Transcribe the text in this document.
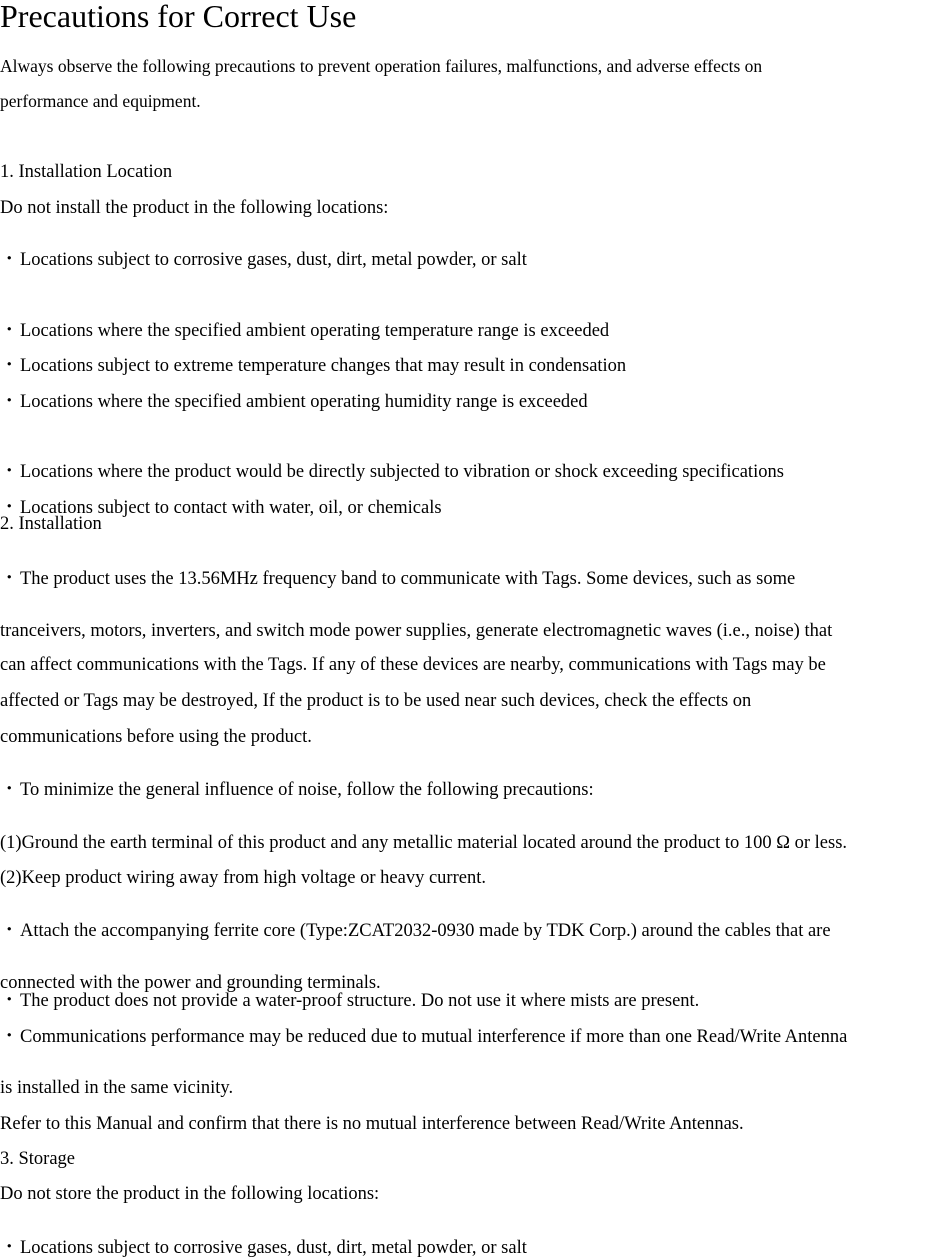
Precautions for Correct Use
Always observe the following precautions to prevent operation failures, malfunctions, and adverse effects on
performance and equipment.
1. Installation Location
Do not install the product in the following locations:
・ Locations subject to corrosive gases, dust, dirt, metal powder, or salt
・ Locations where the specified ambient operating temperature range is exceeded
・ Locations subject to extreme temperature changes that may result in condensation
・ Locations where the specified ambient operating humidity range is exceeded
・ Locations where the product would be directly subjected to vibration or shock exceeding specifications
・ Locations subject to contact with water, oil, or chemicals
2. Installation
・ The product uses the 13.56MHz frequency band to communicate with Tags. Some devices, such as some
tranceivers, motors, inverters, and switch mode power supplies, generate electromagnetic waves (i.e., noise) that
can affect communications with the Tags. If any of these devices are nearby, communications with Tags may be
affected or Tags may be destroyed, If the product is to be used near such devices, check the effects on
communications before using the product.
・ To minimize the general influence of noise, follow the following precautions:
(1)Ground the earth terminal of this product and any metallic material located around the product to 100 Ω or less.
(2)Keep product wiring away from high voltage or heavy current.
・ Attach the accompanying ferrite core (Type:ZCAT2032-0930 made by TDK Corp.) around the cables that are
connected with the power and grounding terminals.
・ The product does not provide a water-proof structure. Do not use it where mists are present.
・ Communications performance may be reduced due to mutual interference if more than one Read/Write Antenna
is installed in the same vicinity.
Refer to this Manual and confirm that there is no mutual interference between Read/Write Antennas.
3. Storage
Do not store the product in the following locations:
・ Locations subject to corrosive gases, dust, dirt, metal powder, or salt
